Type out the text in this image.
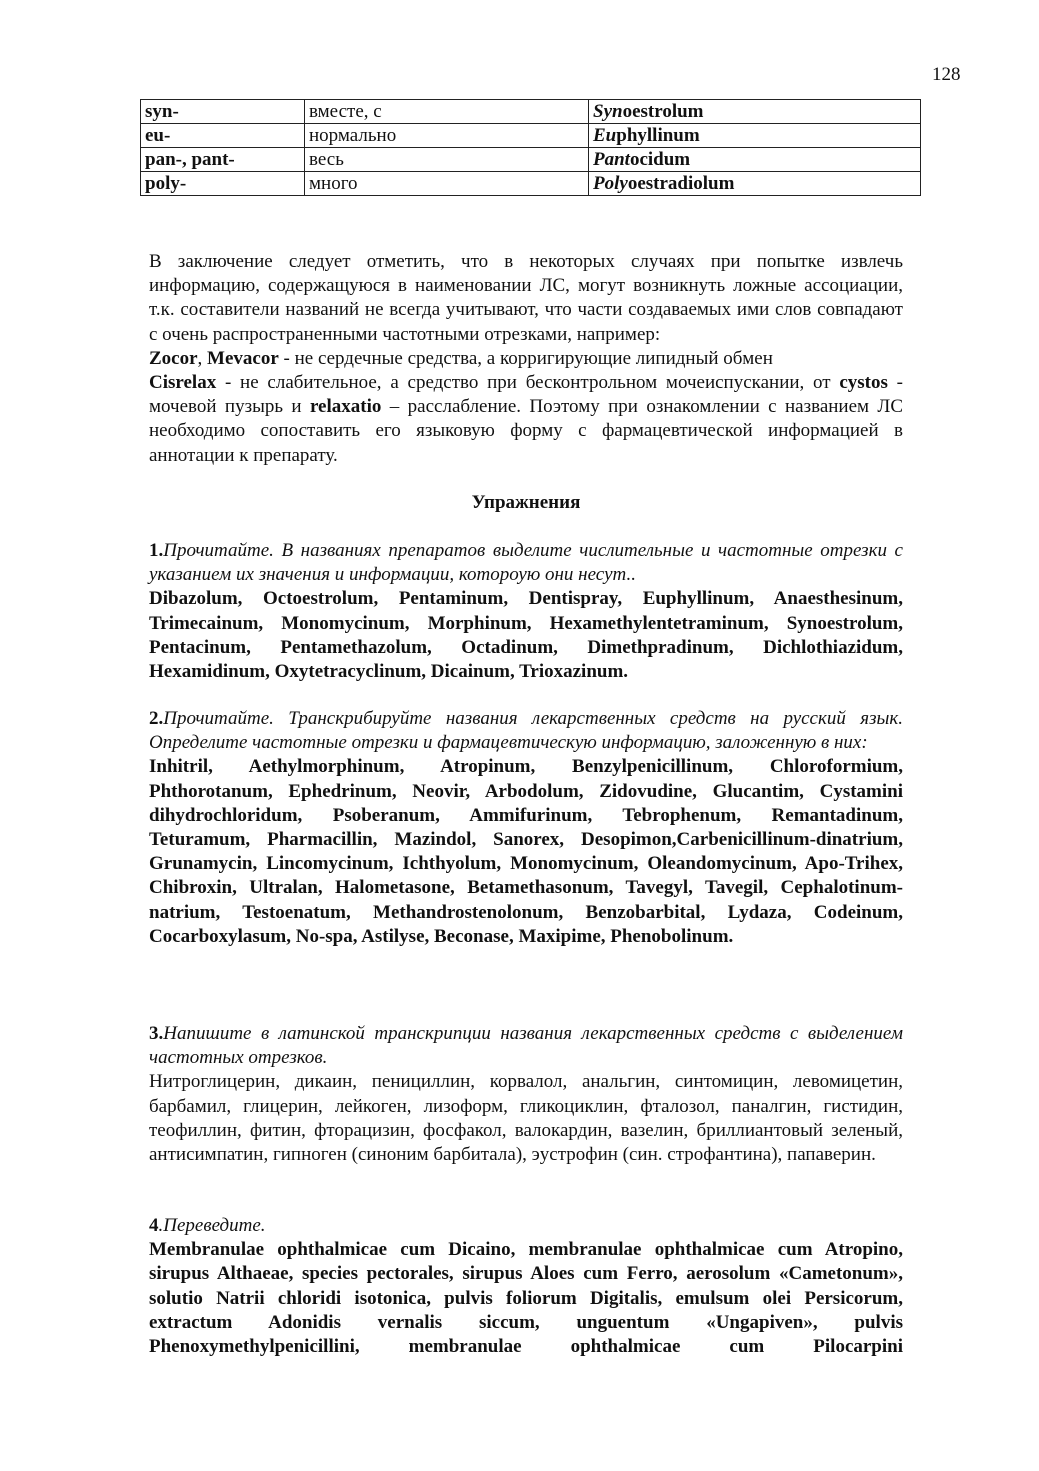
128
syn-	вместе, с	Synoestrolum
eu-	нормально	Euphyllinum
pan-, pant-	весь	Pantocidum
poly-	много	Polyoestradiolum

В заключение следует отметить, что в некоторых случаях при попытке извлечь информацию, содержащуюся в наименовании ЛС, могут возникнуть ложные ассоциации, т.к. составители названий не всегда учитывают, что части создаваемых ими слов совпадают с очень распространенными частотными отрезками, например:
Zocor, Mevacor - не сердечные средства, а корригирующие липидный обмен
Cisrelax - не слабительное, а средство при бесконтрольном мочеиспускании, от cystos - мочевой пузырь и relaxatio – расслабление. Поэтому при ознакомлении с названием ЛС необходимо сопоставить его языковую форму с фармацевтической информацией в аннотации к препарату.

Упражнения

1.Прочитайте. В названиях препаратов выделите числительные и частотные отрезки с указанием их значения и информации, котороую они несут..

Dibazolum, Octoestrolum, Pentaminum, Dentispray, Euphyllinum, Anaesthesinum, Trimecainum, Monomycinum, Morphinum, Hexamethylentetraminum, Synoestrolum, Pentacinum, Pentamethazolum, Octadinum, Dimethpradinum, Dichlothiazidum, Hexamidinum, Oxytetracyclinum, Dicainum, Trioxazinum.

2.Прочитайте. Транскрибируйте названия лекарственных средств на русский язык. Определите частотные отрезки и фармацевтическую информацию, заложенную в них:

Inhitril, Aethylmorphinum, Atropinum, Benzylpenicillinum, Chloroformium, Phthorotanum, Ephedrinum, Neovir, Arbodolum, Zidovudine, Glucantim, Cystamini dihydrochloridum, Psoberanum, Ammifurinum, Tebrophenum, Remantadinum, Teturamum, Pharmacillin, Mazindol, Sanorex, Desopimon,Carbenicillinum-dinatrium, Grunamycin, Lincomycinum, Ichthyolum, Monomycinum, Oleandomycinum, Apo-Trihex, Chibroxin, Ultralan, Halometasone, Betamethasonum, Tavegyl, Tavegil, Cephalotinum-natrium, Testoenatum, Methandrostenolonum, Benzobarbital, Lydaza, Codeinum, Cocarboxylasum, No-spa, Astilyse, Beconase, Maxipime, Phenobolinum.

3.Напишите в латинской транскрипции названия лекарственных средств с выделением частотных отрезков.

Нитроглицерин, дикаин, пенициллин, корвалол, анальгин, синтомицин, левомицетин, барбамил, глицерин, лейкоген, лизоформ, гликоциклин, фталозол, паналгин, гистидин, теофиллин, фитин, фторацизин, фосфакол, валокардин, вазелин, бриллиантовый зеленый, антисимпатин, гипноген (синоним барбитала), эустрофин (син. строфантина), папаверин.

4.Переведите.

Membranulae ophthalmicae cum Dicaino, membranulae ophthalmicae cum Atropino, sirupus Althaeae, species pectorales, sirupus Aloes cum Ferro, aerosolum «Cametonum», solutio Natrii chloridi isotonica, pulvis foliorum Digitalis, emulsum olei Persicorum, extractum Adonidis vernalis siccum, unguentum «Ungapiven», pulvis Phenoxymethylpenicillini, membranulae ophthalmicae cum Pilocarpini
